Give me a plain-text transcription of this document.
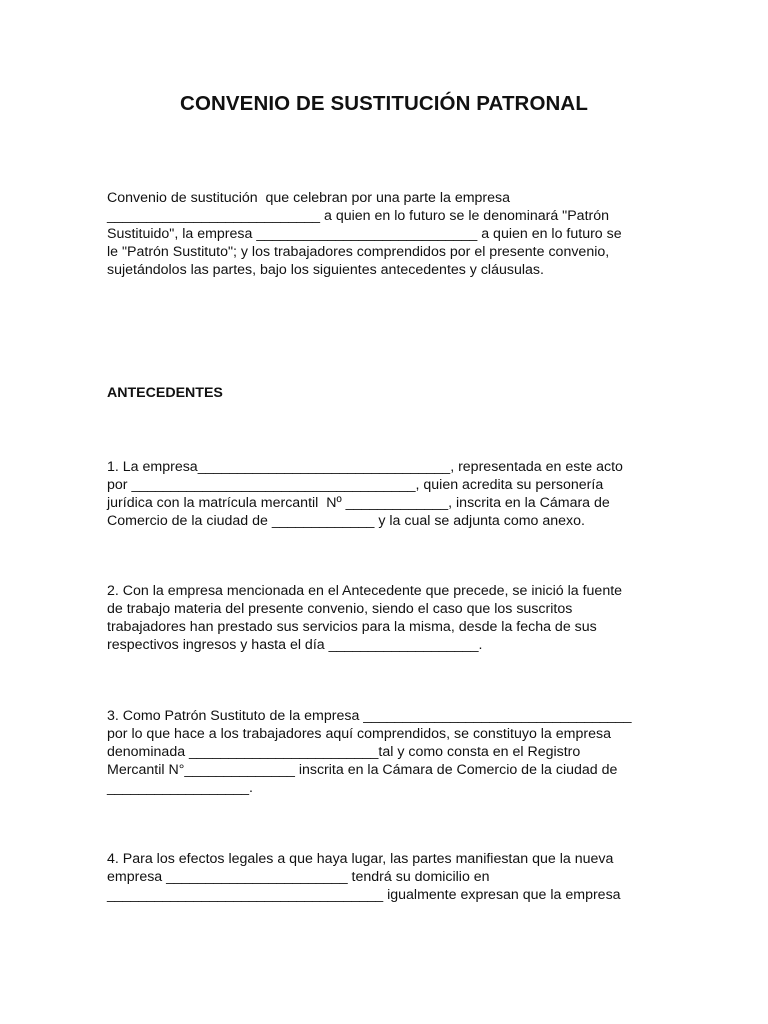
CONVENIO DE SUSTITUCIÓN PATRONAL

Convenio de sustitución  que celebran por una parte la empresa
___________________________ a quien en lo futuro se le denominará "Patrón
Sustituido", la empresa ____________________________ a quien en lo futuro se
le "Patrón Sustituto"; y los trabajadores comprendidos por el presente convenio,
sujetándolos las partes, bajo los siguientes antecedentes y cláusulas.

ANTECEDENTES

1. La empresa________________________________, representada en este acto
por ____________________________________, quien acredita su personería
jurídica con la matrícula mercantil  Nº _____________, inscrita en la Cámara de
Comercio de la ciudad de _____________ y la cual se adjunta como anexo.

2. Con la empresa mencionada en el Antecedente que precede, se inició la fuente
de trabajo materia del presente convenio, siendo el caso que los suscritos
trabajadores han prestado sus servicios para la misma, desde la fecha de sus
respectivos ingresos y hasta el día ___________________.

3. Como Patrón Sustituto de la empresa __________________________________
por lo que hace a los trabajadores aquí comprendidos, se constituyo la empresa
denominada ________________________tal y como consta en el Registro
Mercantil N°______________ inscrita en la Cámara de Comercio de la ciudad de
__________________.

4. Para los efectos legales a que haya lugar, las partes manifiestan que la nueva
empresa _______________________ tendrá su domicilio en
___________________________________ igualmente expresan que la empresa
